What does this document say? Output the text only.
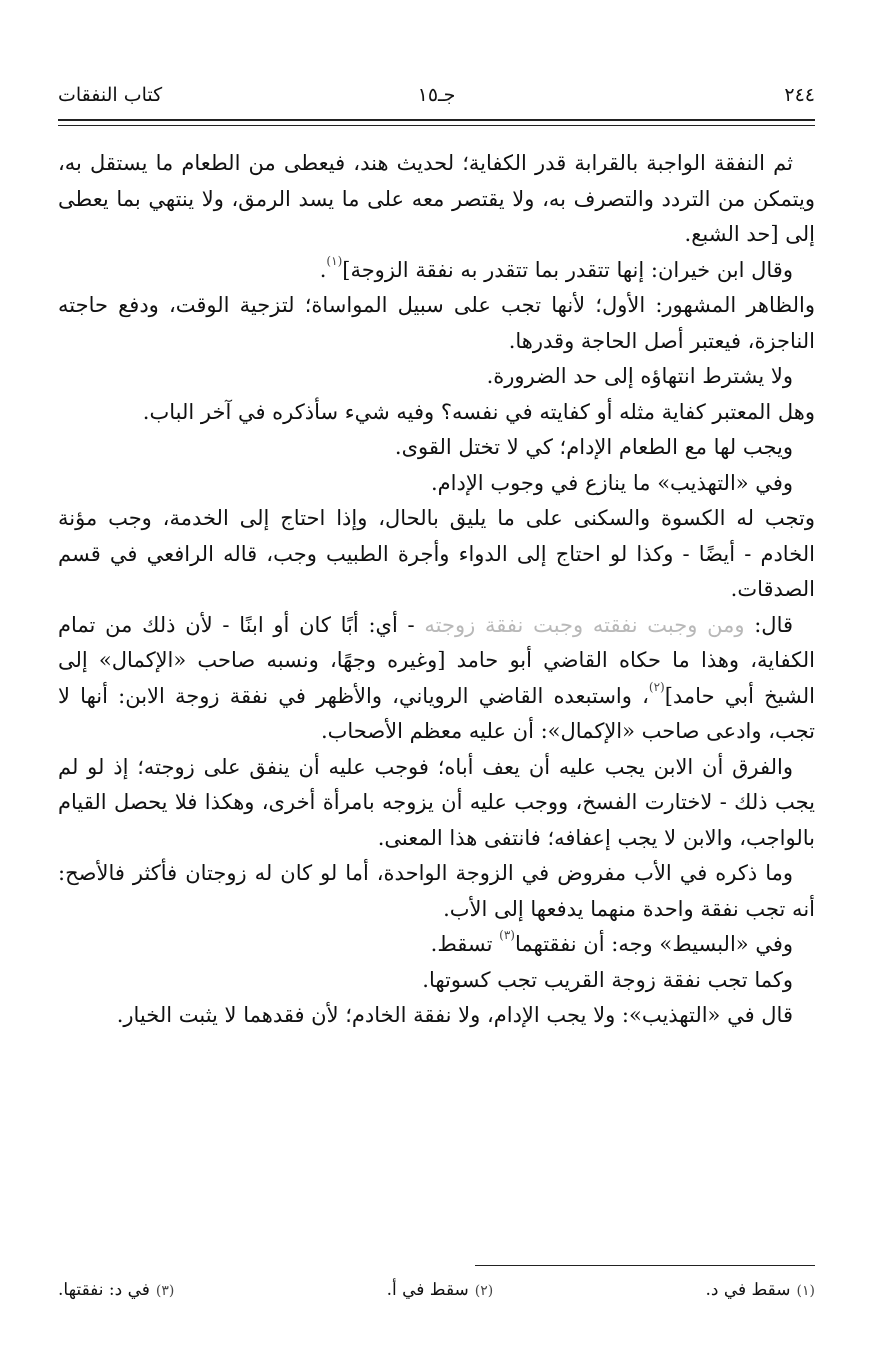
٢٤٤
جـ١٥
كتاب النفقات

ثم النفقة الواجبة بالقرابة قدر الكفاية؛ لحديث هند، فيعطى من الطعام ما يستقل به، ويتمكن من التردد والتصرف به، ولا يقتصر معه على ما يسد الرمق، ولا ينتهي بما يعطى إلى [حد الشبع.

وقال ابن خيران: إنها تتقدر بما تتقدر به نفقة الزوجة]$^{(١)}$.

والظاهر المشهور: الأول؛ لأنها تجب على سبيل المواساة؛ لتزجية الوقت، ودفع حاجته الناجزة، فيعتبر أصل الحاجة وقدرها.

ولا يشترط انتهاؤه إلى حد الضرورة.

وهل المعتبر كفاية مثله أو كفايته في نفسه؟ وفيه شيء سأذكره في آخر الباب.

ويجب لها مع الطعام الإدام؛ كي لا تختل القوى.

وفي «التهذيب» ما ينازع في وجوب الإدام.

وتجب له الكسوة والسكنى على ما يليق بالحال، وإذا احتاج إلى الخدمة، وجب مؤنة الخادم - أيضًا - وكذا لو احتاج إلى الدواء وأجرة الطبيب وجب، قاله الرافعي في قسم الصدقات.

قال: ومن وجبت نفقته وجبت نفقة زوجته - أي: أبًا كان أو ابنًا - لأن ذلك من تمام الكفاية، وهذا ما حكاه القاضي أبو حامد [وغيره وجهًا، ونسبه صاحب «الإكمال» إلى الشيخ أبي حامد]$^{(٢)}$، واستبعده القاضي الروياني، والأظهر في نفقة زوجة الابن: أنها لا تجب، وادعى صاحب «الإكمال»: أن عليه معظم الأصحاب.

والفرق أن الابن يجب عليه أن يعف أباه؛ فوجب عليه أن ينفق على زوجته؛ إذ لو لم يجب ذلك - لاختارت الفسخ، ووجب عليه أن يزوجه بامرأة أخرى، وهكذا فلا يحصل القيام بالواجب، والابن لا يجب إعفافه؛ فانتفى هذا المعنى.

وما ذكره في الأب مفروض في الزوجة الواحدة، أما لو كان له زوجتان فأكثر فالأصح: أنه تجب نفقة واحدة منهما يدفعها إلى الأب.

وفي «البسيط» وجه: أن نفقتهما$^{(٣)}$ تسقط.

وكما تجب نفقة زوجة القريب تجب كسوتها.

قال في «التهذيب»: ولا يجب الإدام، ولا نفقة الخادم؛ لأن فقدهما لا يثبت الخيار.

(١)
سقط في د.
(٢)
سقط في أ.
(٣)
في د: نفقتها.
